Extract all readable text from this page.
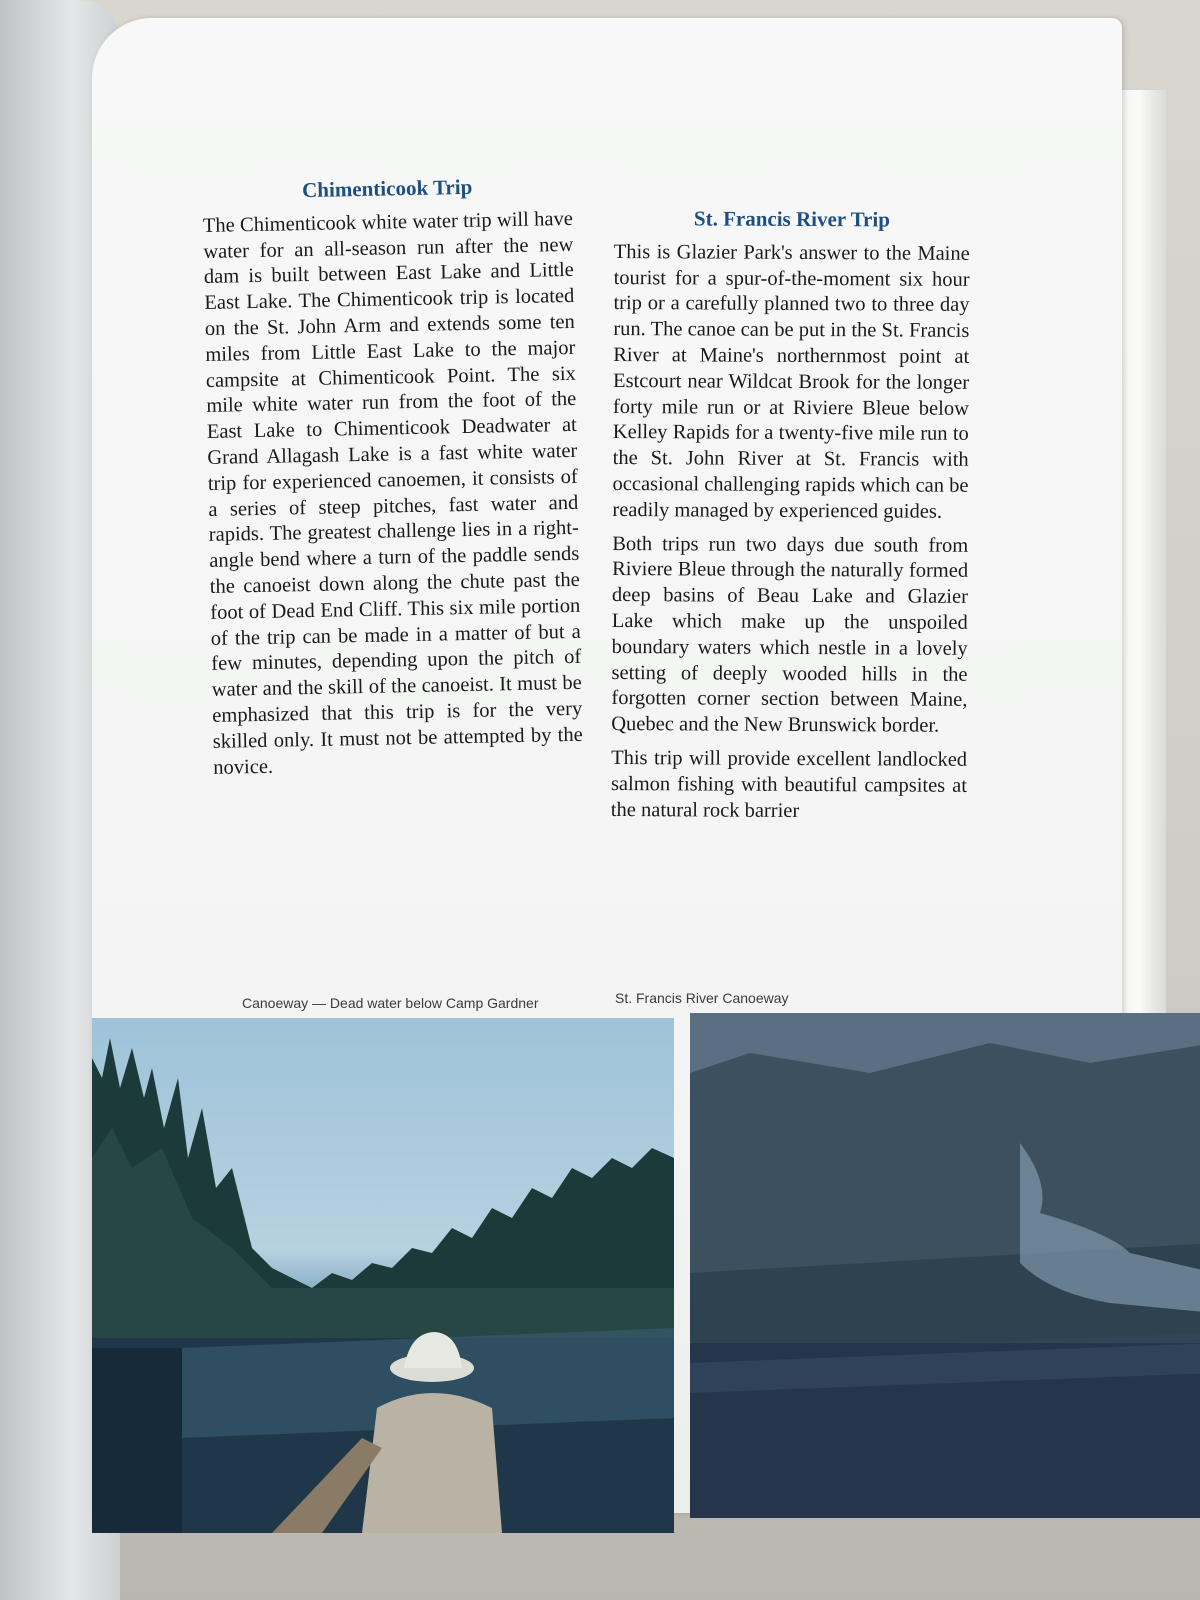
Chimenticook Trip

The Chimenticook white water trip will have water for an all-season run after the new dam is built between East Lake and Little East Lake. The Chimenticook trip is located on the St. John Arm and extends some ten miles from Little East Lake to the major campsite at Chimenticook Point. The six mile white water run from the foot of the East Lake to Chimenticook Deadwater at Grand Allagash Lake is a fast white water trip for experienced canoemen, it consists of a series of steep pitches, fast water and rapids. The greatest challenge lies in a right-angle bend where a turn of the paddle sends the canoeist down along the chute past the foot of Dead End Cliff. This six mile portion of the trip can be made in a matter of but a few minutes, depending upon the pitch of water and the skill of the canoeist. It must be emphasized that this trip is for the very skilled only. It must not be attempted by the novice.

St. Francis River Trip

This is Glazier Park's answer to the Maine tourist for a spur-of-the-moment six hour trip or a carefully planned two to three day run. The canoe can be put in the St. Francis River at Maine's northernmost point at Estcourt near Wildcat Brook for the longer forty mile run or at Riviere Bleue below Kelley Rapids for a twenty-five mile run to the St. John River at St. Francis with occasional challenging rapids which can be readily managed by experienced guides.

Both trips run two days due south from Riviere Bleue through the naturally formed deep basins of Beau Lake and Glazier Lake which make up the unspoiled boundary waters which nestle in a lovely setting of deeply wooded hills in the forgotten corner section between Maine, Quebec and the New Brunswick border.

This trip will provide excellent landlocked salmon fishing with beautiful campsites at the natural rock barrier

Canoeway — Dead water below Camp Gardner	St. Francis River Canoeway
